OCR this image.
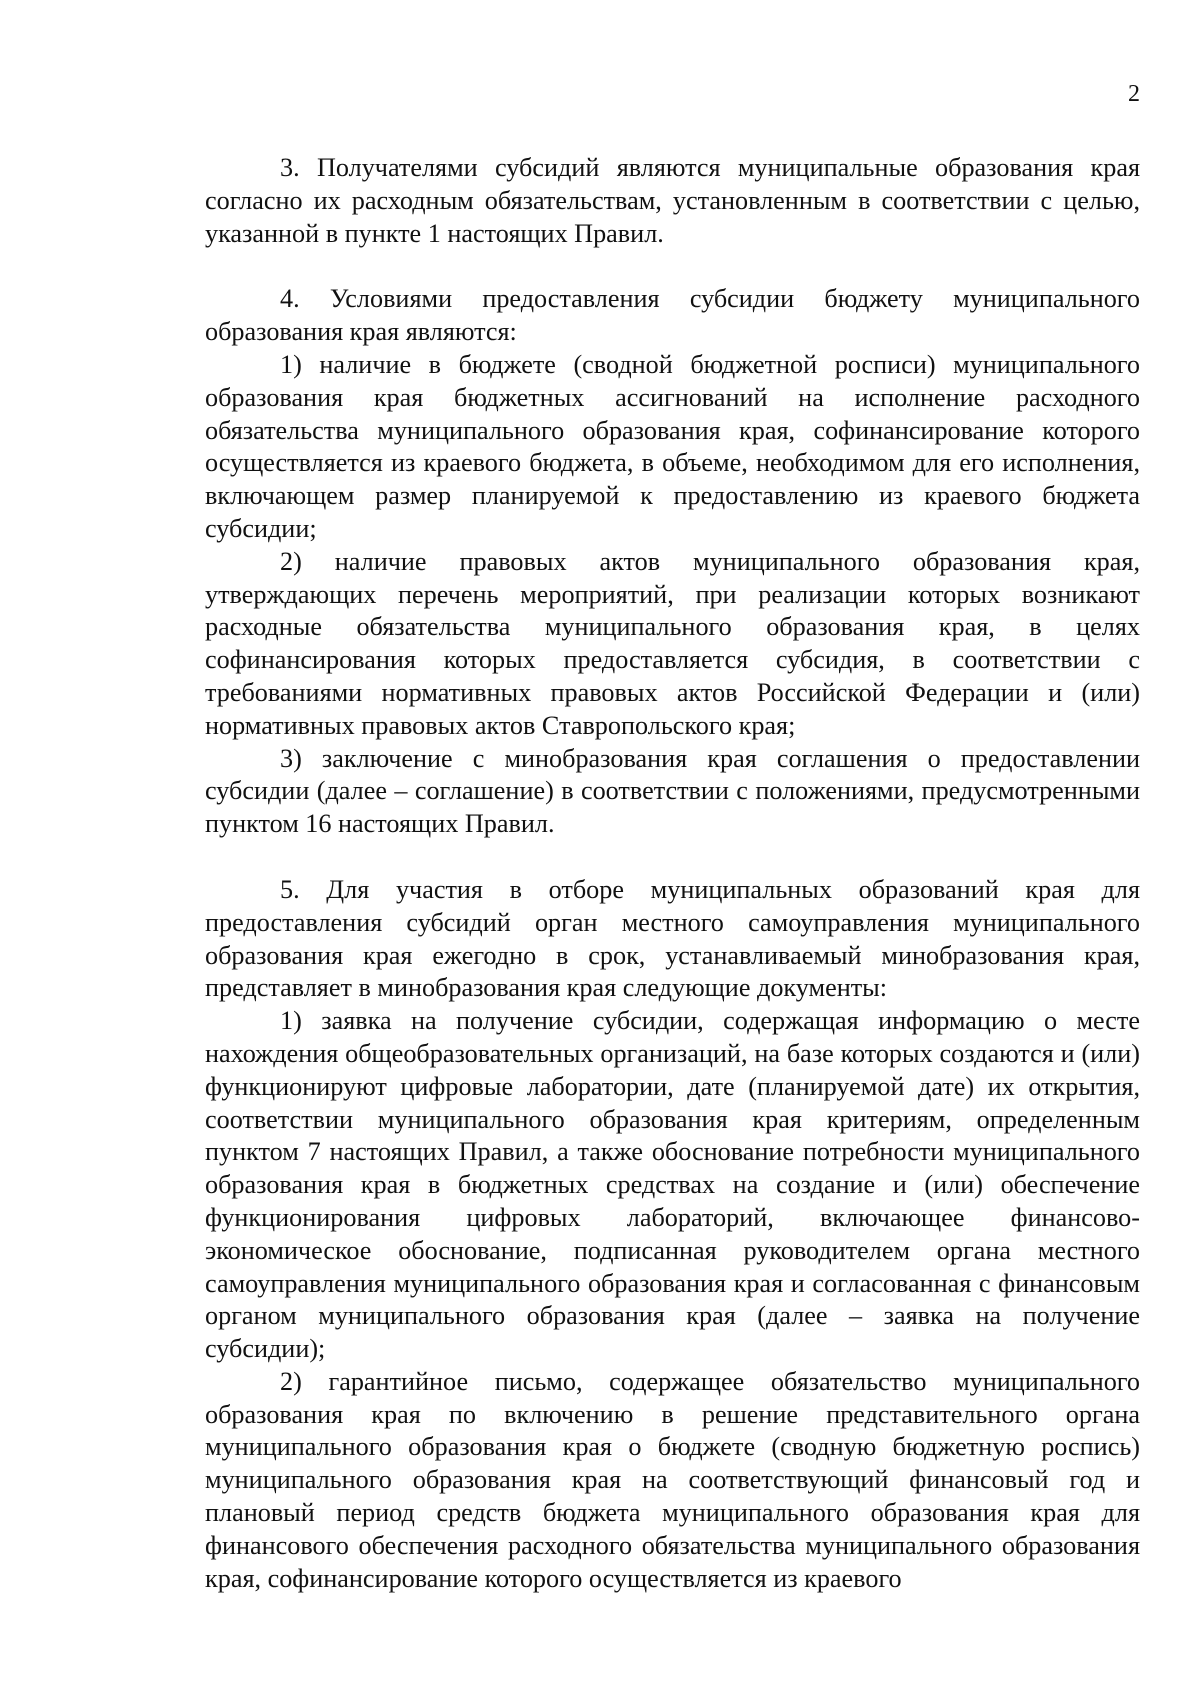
2

3. Получателями субсидий являются муниципальные образования края согласно их расходным обязательствам, установленным в соответствии с целью, указанной в пункте 1 настоящих Правил.

4. Условиями предоставления субсидии бюджету муниципального образования края являются:

1) наличие в бюджете (сводной бюджетной росписи) муниципального образования края бюджетных ассигнований на исполнение расходного обязательства муниципального образования края, софинансирование которого осуществляется из краевого бюджета, в объеме, необходимом для его исполнения, включающем размер планируемой к предоставлению из краевого бюджета субсидии;

2) наличие правовых актов муниципального образования края, утверждающих перечень мероприятий, при реализации которых возникают расходные обязательства муниципального образования края, в целях софинансирования которых предоставляется субсидия, в соответствии с требованиями нормативных правовых актов Российской Федерации и (или) нормативных правовых актов Ставропольского края;

3) заключение с минобразования края соглашения о предоставлении субсидии (далее – соглашение) в соответствии с положениями, предусмотренными пунктом 16 настоящих Правил.

5. Для участия в отборе муниципальных образований края для предоставления субсидий орган местного самоуправления муниципального образования края ежегодно в срок, устанавливаемый минобразования края, представляет в минобразования края следующие документы:

1) заявка на получение субсидии, содержащая информацию о месте нахождения общеобразовательных организаций, на базе которых создаются и (или) функционируют цифровые лаборатории, дате (планируемой дате) их открытия, соответствии муниципального образования края критериям, определенным пунктом 7 настоящих Правил, а также обоснование потребности муниципального образования края в бюджетных средствах на создание и (или) обеспечение функционирования цифровых лабораторий, включающее финансово-экономическое обоснование, подписанная руководителем органа местного самоуправления муниципального образования края и согласованная с финансовым органом муниципального образования края (далее – заявка на получение субсидии);

2) гарантийное письмо, содержащее обязательство муниципального образования края по включению в решение представительного органа муниципального образования края о бюджете (сводную бюджетную роспись) муниципального образования края на соответствующий финансовый год и плановый период средств бюджета муниципального образования края для финансового обеспечения расходного обязательства муниципального образования края, софинансирование которого осуществляется из краевого
